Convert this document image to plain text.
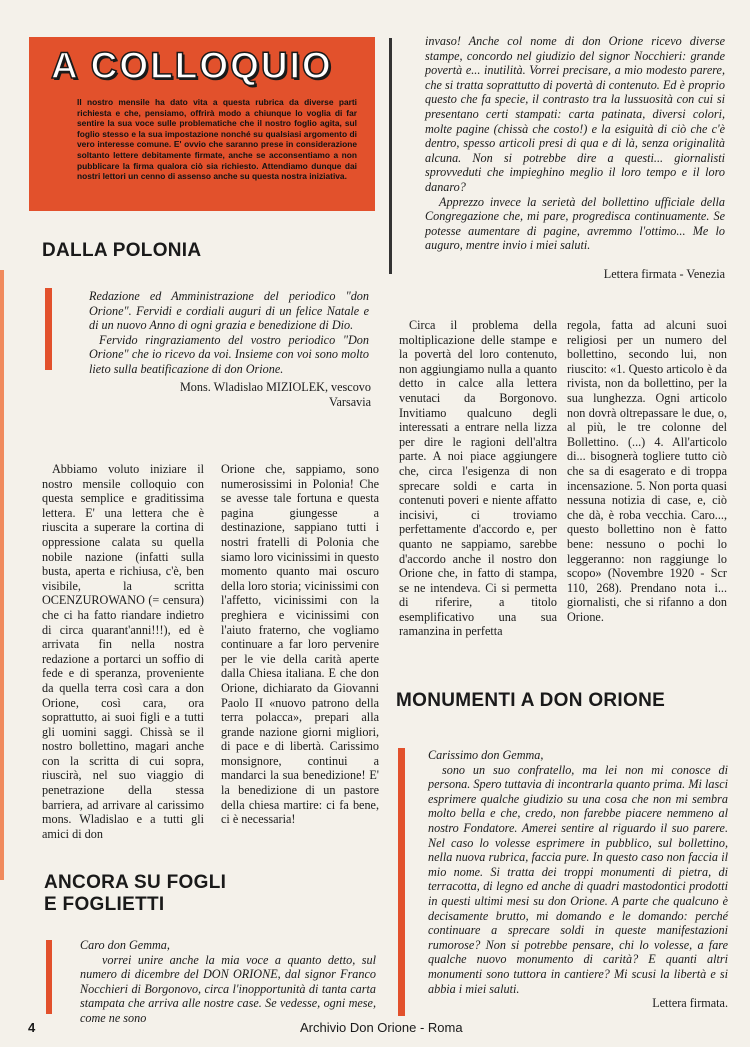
A COLLOQUIO
Il nostro mensile ha dato vita a questa rubrica da diverse parti richiesta e che, pensiamo, offrirà modo a chiunque lo voglia di far sentire la sua voce sulle problematiche che il nostro foglio agita, sul foglio stesso e la sua impostazione nonché su qualsiasi argomento di vero interesse comune. E' ovvio che saranno prese in considerazione soltanto lettere debitamente firmate, anche se acconsentiamo a non pubblicare la firma qualora ciò sia richiesto. Attendiamo dunque dai nostri lettori un cenno di assenso anche su questa nostra iniziativa.
DALLA POLONIA

Redazione ed Amministrazione del periodico "don Orione". Fervidi e cordiali auguri di un felice Natale e di un nuovo Anno di ogni grazia e benedizione di Dio.

Fervido ringraziamento del vostro periodico "Don Orione" che io ricevo da voi. Insieme con voi sono molto lieto sulla beatificazione di don Orione.

Mons. Wladislao MIZIOLEK, vescovo
Varsavia
Abbiamo voluto iniziare il nostro mensile colloquio con questa semplice e graditissima lettera. E' una lettera che è riuscita a superare la cortina di oppressione calata su quella nobile nazione (infatti sulla busta, aperta e richiusa, c'è, ben visibile, la scritta OCENZUROWANO (= censura) che ci ha fatto riandare indietro di circa quarant'anni!!!), ed è arrivata fin nella nostra redazione a portarci un soffio di fede e di speranza, proveniente da quella terra così cara a don Orione, così cara, ora soprattutto, ai suoi figli e a tutti gli uomini saggi. Chissà se il nostro bollettino, magari anche con la scritta di cui sopra, riuscirà, nel suo viaggio di penetrazione della stessa barriera, ad arrivare al carissimo mons. Wladislao e a tutti gli amici di don
Orione che, sappiamo, sono numerosissimi in Polonia! Che se avesse tale fortuna e questa pagina giungesse a destinazione, sappiano tutti i nostri fratelli di Polonia che siamo loro vicinissimi in questo momento quanto mai oscuro della loro storia; vicinissimi con l'affetto, vicinissimi con la preghiera e vicinissimi con l'aiuto fraterno, che vogliamo continuare a far loro pervenire per le vie della carità aperte dalla Chiesa italiana. E che don Orione, dichiarato da Giovanni Paolo II «nuovo patrono della terra polacca», prepari alla grande nazione giorni migliori, di pace e di libertà. Carissimo monsignore, continui a mandarci la sua benedizione! E' la benedizione di un pastore della chiesa martire: ci fa bene, ci è necessaria!
ANCORA SU FOGLI
E FOGLIETTI
Caro don Gemma,
vorrei unire anche la mia voce a quanto detto, sul numero di dicembre del DON ORIONE, dal signor Franco Nocchieri di Borgonovo, circa l'inopportunità di tanta carta stampata che arriva alle nostre case. Se vedesse, ogni mese, come ne sono

invaso! Anche col nome di don Orione ricevo diverse stampe, concordo nel giudizio del signor Nocchieri: grande povertà e... inutilità. Vorrei precisare, a mio modesto parere, che si tratta soprattutto di povertà di contenuto. Ed è proprio questo che fa specie, il contrasto tra la lussuosità con cui si presentano certi stampati: carta patinata, diversi colori, molte pagine (chissà che costo!) e la esiguità di ciò che c'è dentro, spesso articoli presi di qua e di là, senza originalità alcuna. Non si potrebbe dire a questi... giornalisti sprovveduti che impieghino meglio il loro tempo e il loro danaro?

Apprezzo invece la serietà del bollettino ufficiale della Congregazione che, mi pare, progredisca continuamente. Se potesse aumentare di pagine, avremmo l'ottimo... Me lo auguro, mentre invio i miei saluti.

Lettera firmata - Venezia
Circa il problema della moltiplicazione delle stampe e la povertà del loro contenuto, non aggiungiamo nulla a quanto detto in calce alla lettera venutaci da Borgonovo. Invitiamo qualcuno degli interessati a entrare nella lizza per dire le ragioni dell'altra parte. A noi piace aggiungere che, circa l'esigenza di non sprecare soldi e carta in contenuti poveri e niente affatto incisivi, ci troviamo perfettamente d'accordo e, per quanto ne sappiamo, sarebbe d'accordo anche il nostro don Orione che, in fatto di stampa, se ne intendeva. Ci si permetta di riferire, a titolo esemplificativo una sua ramanzina in perfetta
regola, fatta ad alcuni suoi religiosi per un numero del bollettino, secondo lui, non riuscito: «1. Questo articolo è da rivista, non da bollettino, per la sua lunghezza. Ogni articolo non dovrà oltrepassare le due, o, al più, le tre colonne del Bollettino. (...) 4. All'articolo di... bisognerà togliere tutto ciò che sa di esagerato e di troppa incensazione. 5. Non porta quasi nessuna notizia di case, e, ciò che dà, è roba vecchia. Caro..., questo bollettino non è fatto bene: nessuno o pochi lo leggeranno: non raggiunge lo scopo» (Novembre 1920 - Scr 110, 268). Prendano nota i... giornalisti, che si rifanno a don Orione.
MONUMENTI A DON ORIONE
Carissimo don Gemma,
sono un suo confratello, ma lei non mi conosce di persona. Spero tuttavia di incontrarla quanto prima. Mi lasci esprimere qualche giudizio su una cosa che non mi sembra molto bella e che, credo, non farebbe piacere nemmeno al nostro Fondatore. Amerei sentire al riguardo il suo parere. Nel caso lo volesse esprimere in pubblico, sul bollettino, nella nuova rubrica, faccia pure. In questo caso non faccia il mio nome. Si tratta dei troppi monumenti di pietra, di terracotta, di legno ed anche di quadri mastodontici prodotti in questi ultimi mesi su don Orione. A parte che qualcuno è decisamente brutto, mi domando e le domando: perché continuare a sprecare soldi in queste manifestazioni rumorose? Non si potrebbe pensare, chi lo volesse, a fare qualche nuovo monumento di carità? E quanti altri monumenti sono tuttora in cantiere? Mi scusi la libertà e si abbia i miei saluti.
Lettera firmata.
4	Archivio Don Orione - Roma
